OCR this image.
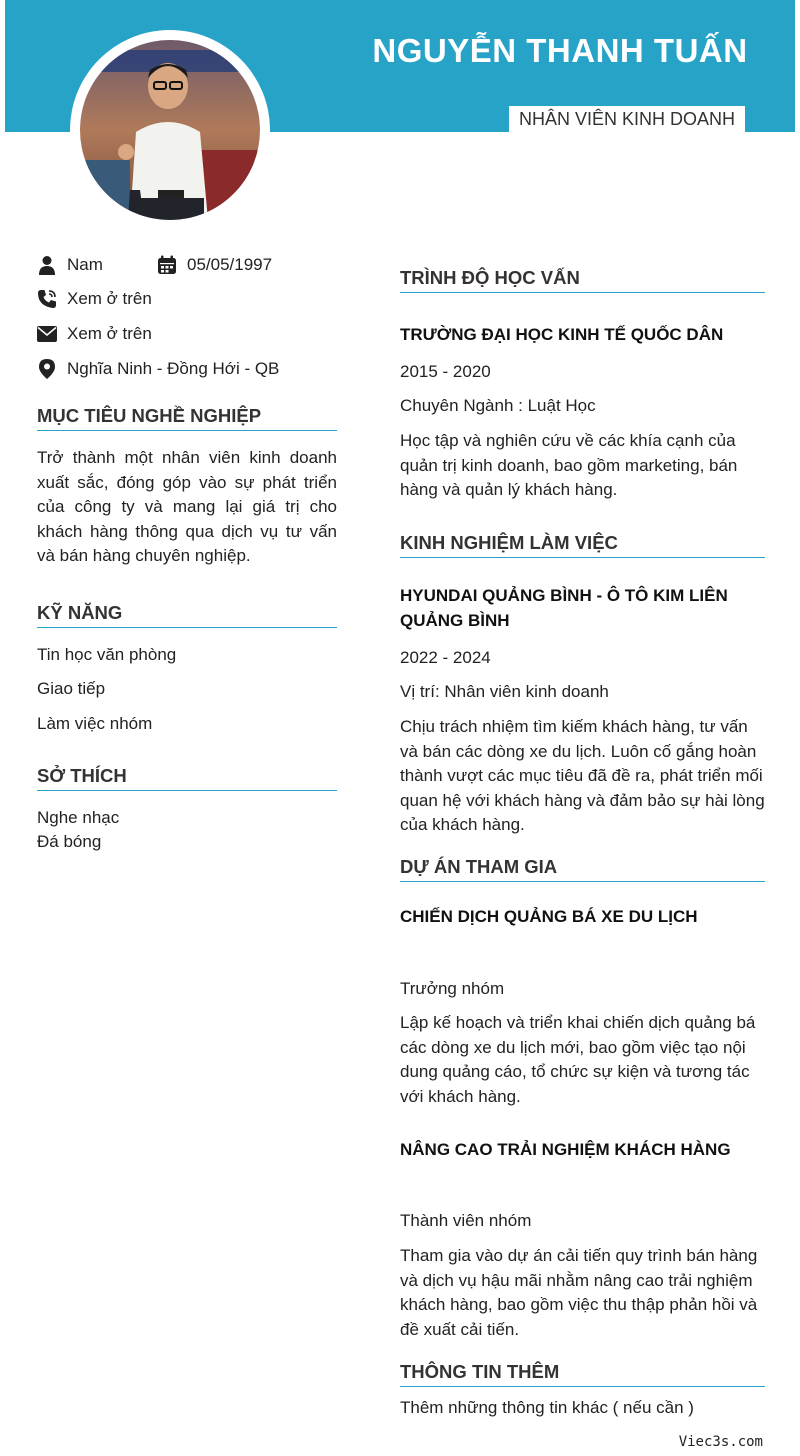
NGUYỄN THANH TUẤN
NHÂN VIÊN KINH DOANH
Nam	05/05/1997
Xem ở trên
Xem ở trên
Nghĩa Ninh - Đồng Hới - QB
MỤC TIÊU NGHỀ NGHIỆP
Trở thành một nhân viên kinh doanh xuất sắc, đóng góp vào sự phát triển của công ty và mang lại giá trị cho khách hàng thông qua dịch vụ tư vấn và bán hàng chuyên nghiệp.
KỸ NĂNG
Tin học văn phòng
Giao tiếp
Làm việc nhóm
SỞ THÍCH
Nghe nhạc
Đá bóng
TRÌNH ĐỘ HỌC VẤN
TRƯỜNG ĐẠI HỌC KINH TẾ QUỐC DÂN
2015 - 2020
Chuyên Ngành : Luật Học
Học tập và nghiên cứu về các khía cạnh của quản trị kinh doanh, bao gồm marketing, bán hàng và quản lý khách hàng.
KINH NGHIỆM LÀM VIỆC
HYUNDAI QUẢNG BÌNH - Ô TÔ KIM LIÊN QUẢNG BÌNH
2022 - 2024
Vị trí: Nhân viên kinh doanh
Chịu trách nhiệm tìm kiếm khách hàng, tư vấn và bán các dòng xe du lịch. Luôn cố gắng hoàn thành vượt các mục tiêu đã đề ra, phát triển mối quan hệ với khách hàng và đảm bảo sự hài lòng của khách hàng.
DỰ ÁN THAM GIA
CHIẾN DỊCH QUẢNG BÁ XE DU LỊCH
Trưởng nhóm
Lập kế hoạch và triển khai chiến dịch quảng bá các dòng xe du lịch mới, bao gồm việc tạo nội dung quảng cáo, tổ chức sự kiện và tương tác với khách hàng.
NÂNG CAO TRẢI NGHIỆM KHÁCH HÀNG
Thành viên nhóm
Tham gia vào dự án cải tiến quy trình bán hàng và dịch vụ hậu mãi nhằm nâng cao trải nghiệm khách hàng, bao gồm việc thu thập phản hồi và đề xuất cải tiến.
THÔNG TIN THÊM
Thêm những thông tin khác ( nếu cần )
Viec3s.com
